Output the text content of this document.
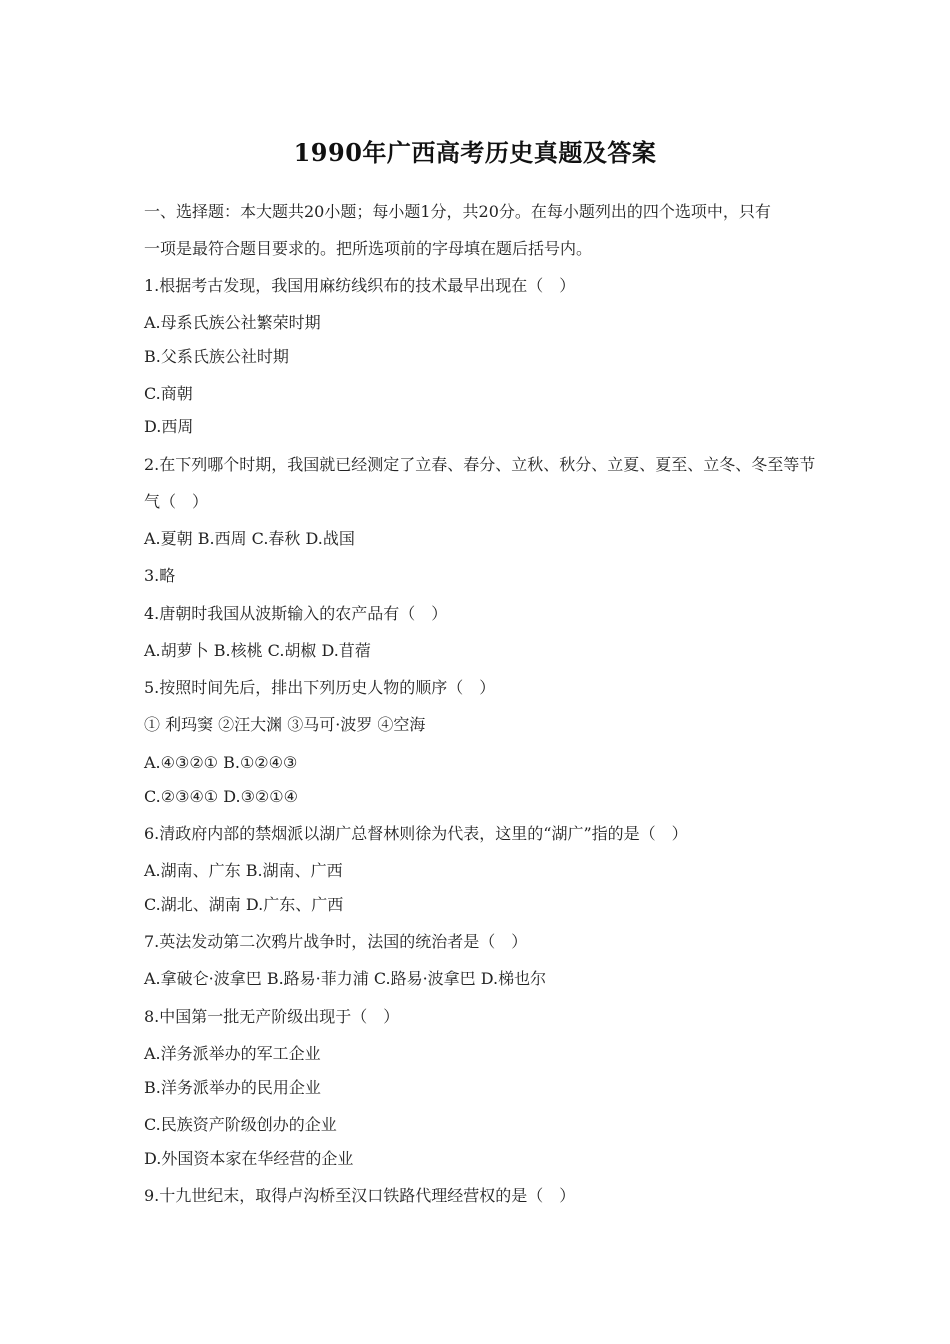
1990年广西高考历史真题及答案
一、选择题：本大题共20小题；每小题1分，共20分。在每小题列出的四个选项中，只有
一项是最符合题目要求的。把所选项前的字母填在题后括号内。
1.根据考古发现，我国用麻纺线织布的技术最早出现在（　）
A.母系氏族公社繁荣时期
B.父系氏族公社时期
C.商朝
D.西周
2.在下列哪个时期，我国就已经测定了立春、春分、立秋、秋分、立夏、夏至、立冬、冬至等节
气（　）
A.夏朝 B.西周 C.春秋 D.战国
3.略
4.唐朝时我国从波斯输入的农产品有（　）
A.胡萝卜 B.核桃 C.胡椒 D.苜蓿
5.按照时间先后，排出下列历史人物的顺序（　）
① 利玛窦 ②汪大渊 ③马可·波罗 ④空海
A.④③②① B.①②④③
C.②③④① D.③②①④
6.清政府内部的禁烟派以湖广总督林则徐为代表，这里的“湖广”指的是（　）
A.湖南、广东 B.湖南、广西
C.湖北、湖南 D.广东、广西
7.英法发动第二次鸦片战争时，法国的统治者是（　）
A.拿破仑·波拿巴 B.路易·菲力浦 C.路易·波拿巴 D.梯也尔
8.中国第一批无产阶级出现于（　）
A.洋务派举办的军工企业
B.洋务派举办的民用企业
C.民族资产阶级创办的企业
D.外国资本家在华经营的企业
9.十九世纪末，取得卢沟桥至汉口铁路代理经营权的是（　）
